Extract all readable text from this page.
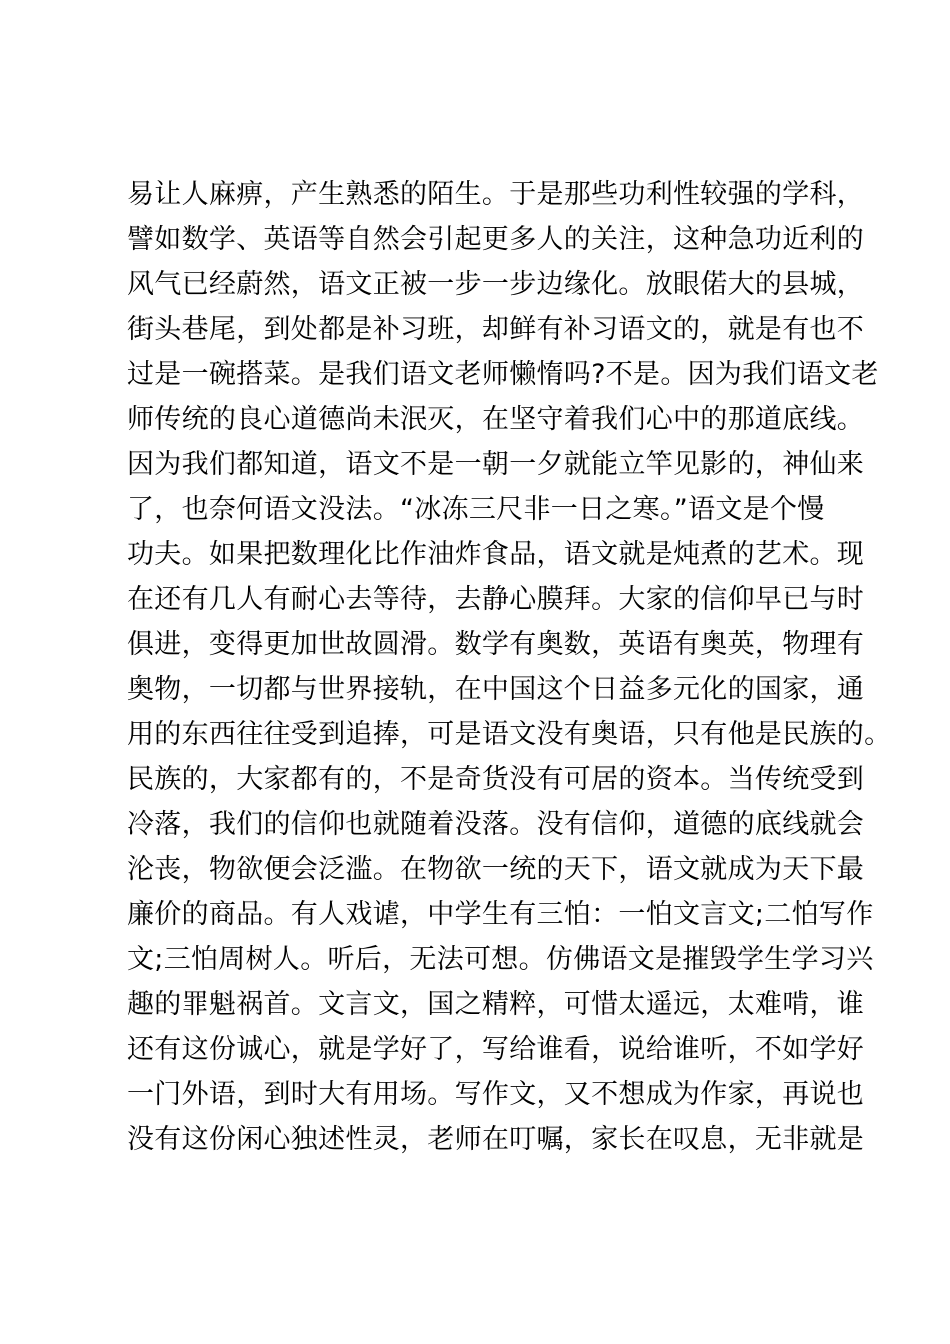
易让人麻痹，产生熟悉的陌生。于是那些功利性较强的学科，
譬如数学、英语等自然会引起更多人的关注，这种急功近利的
风气已经蔚然，语文正被一步一步边缘化。放眼偌大的县城，
街头巷尾，到处都是补习班，却鲜有补习语文的，就是有也不
过是一碗搭菜。是我们语文老师懒惰吗?不是。因为我们语文老
师传统的良心道德尚未泯灭，在坚守着我们心中的那道底线。
因为我们都知道，语文不是一朝一夕就能立竿见影的，神仙来
了，也奈何语文没法。“冰冻三尺非一日之寒。”语文是个慢
功夫。如果把数理化比作油炸食品，语文就是炖煮的艺术。现
在还有几人有耐心去等待，去静心膜拜。大家的信仰早已与时
俱进，变得更加世故圆滑。数学有奥数，英语有奥英，物理有
奥物，一切都与世界接轨，在中国这个日益多元化的国家，通
用的东西往往受到追捧，可是语文没有奥语，只有他是民族的。
民族的，大家都有的，不是奇货没有可居的资本。当传统受到
冷落，我们的信仰也就随着没落。没有信仰，道德的底线就会
沦丧，物欲便会泛滥。在物欲一统的天下，语文就成为天下最
廉价的商品。有人戏谑，中学生有三怕：一怕文言文;二怕写作
文;三怕周树人。听后，无法可想。仿佛语文是摧毁学生学习兴
趣的罪魁祸首。文言文，国之精粹，可惜太遥远，太难啃，谁
还有这份诚心，就是学好了，写给谁看，说给谁听，不如学好
一门外语，到时大有用场。写作文，又不想成为作家，再说也
没有这份闲心独述性灵，老师在叮嘱，家长在叹息，无非就是
